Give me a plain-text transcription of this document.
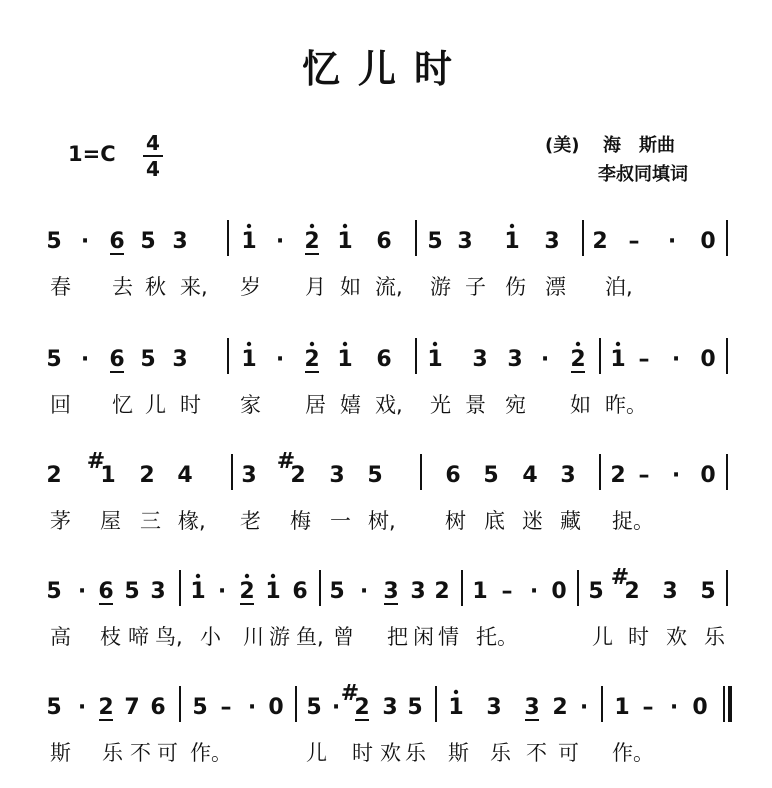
忆儿时
1=C 4
4
(美) 海　斯曲
李叔同填词
5 · 6 5 3 1 · 2 1 6 5 3 1 3 2 – · 0
春 去 秋 来, 岁 月 如 流, 游 子 伤 漂 泊,
5 · 6 5 3 1 · 2 1 6 1 3 3 · 2 1 – · 0
回 忆 儿 时 家 居 嬉 戏, 光 景 宛 如 昨。
2 1
#
2 4 3 2
#
3 5	6 5 4 3 2 – · 0
茅 屋 三 椽, 老 梅 一 树, 树 底 迷 藏 捉。
5 · 6 5 3 1 · 2 1 6 5 · 3 3 2 1 – · 0 5 2
#
3 5
高 枝 啼 鸟, 小 川 游 鱼, 曾 把 闲 情 托。	儿 时 欢 乐
5 · 2 7 6 5 – · 0 5 · 2
#
3 5 1 3 3 2 · 1 – · 0
斯 乐 不 可 作。	儿 时 欢 乐 斯 乐 不 可 作。
